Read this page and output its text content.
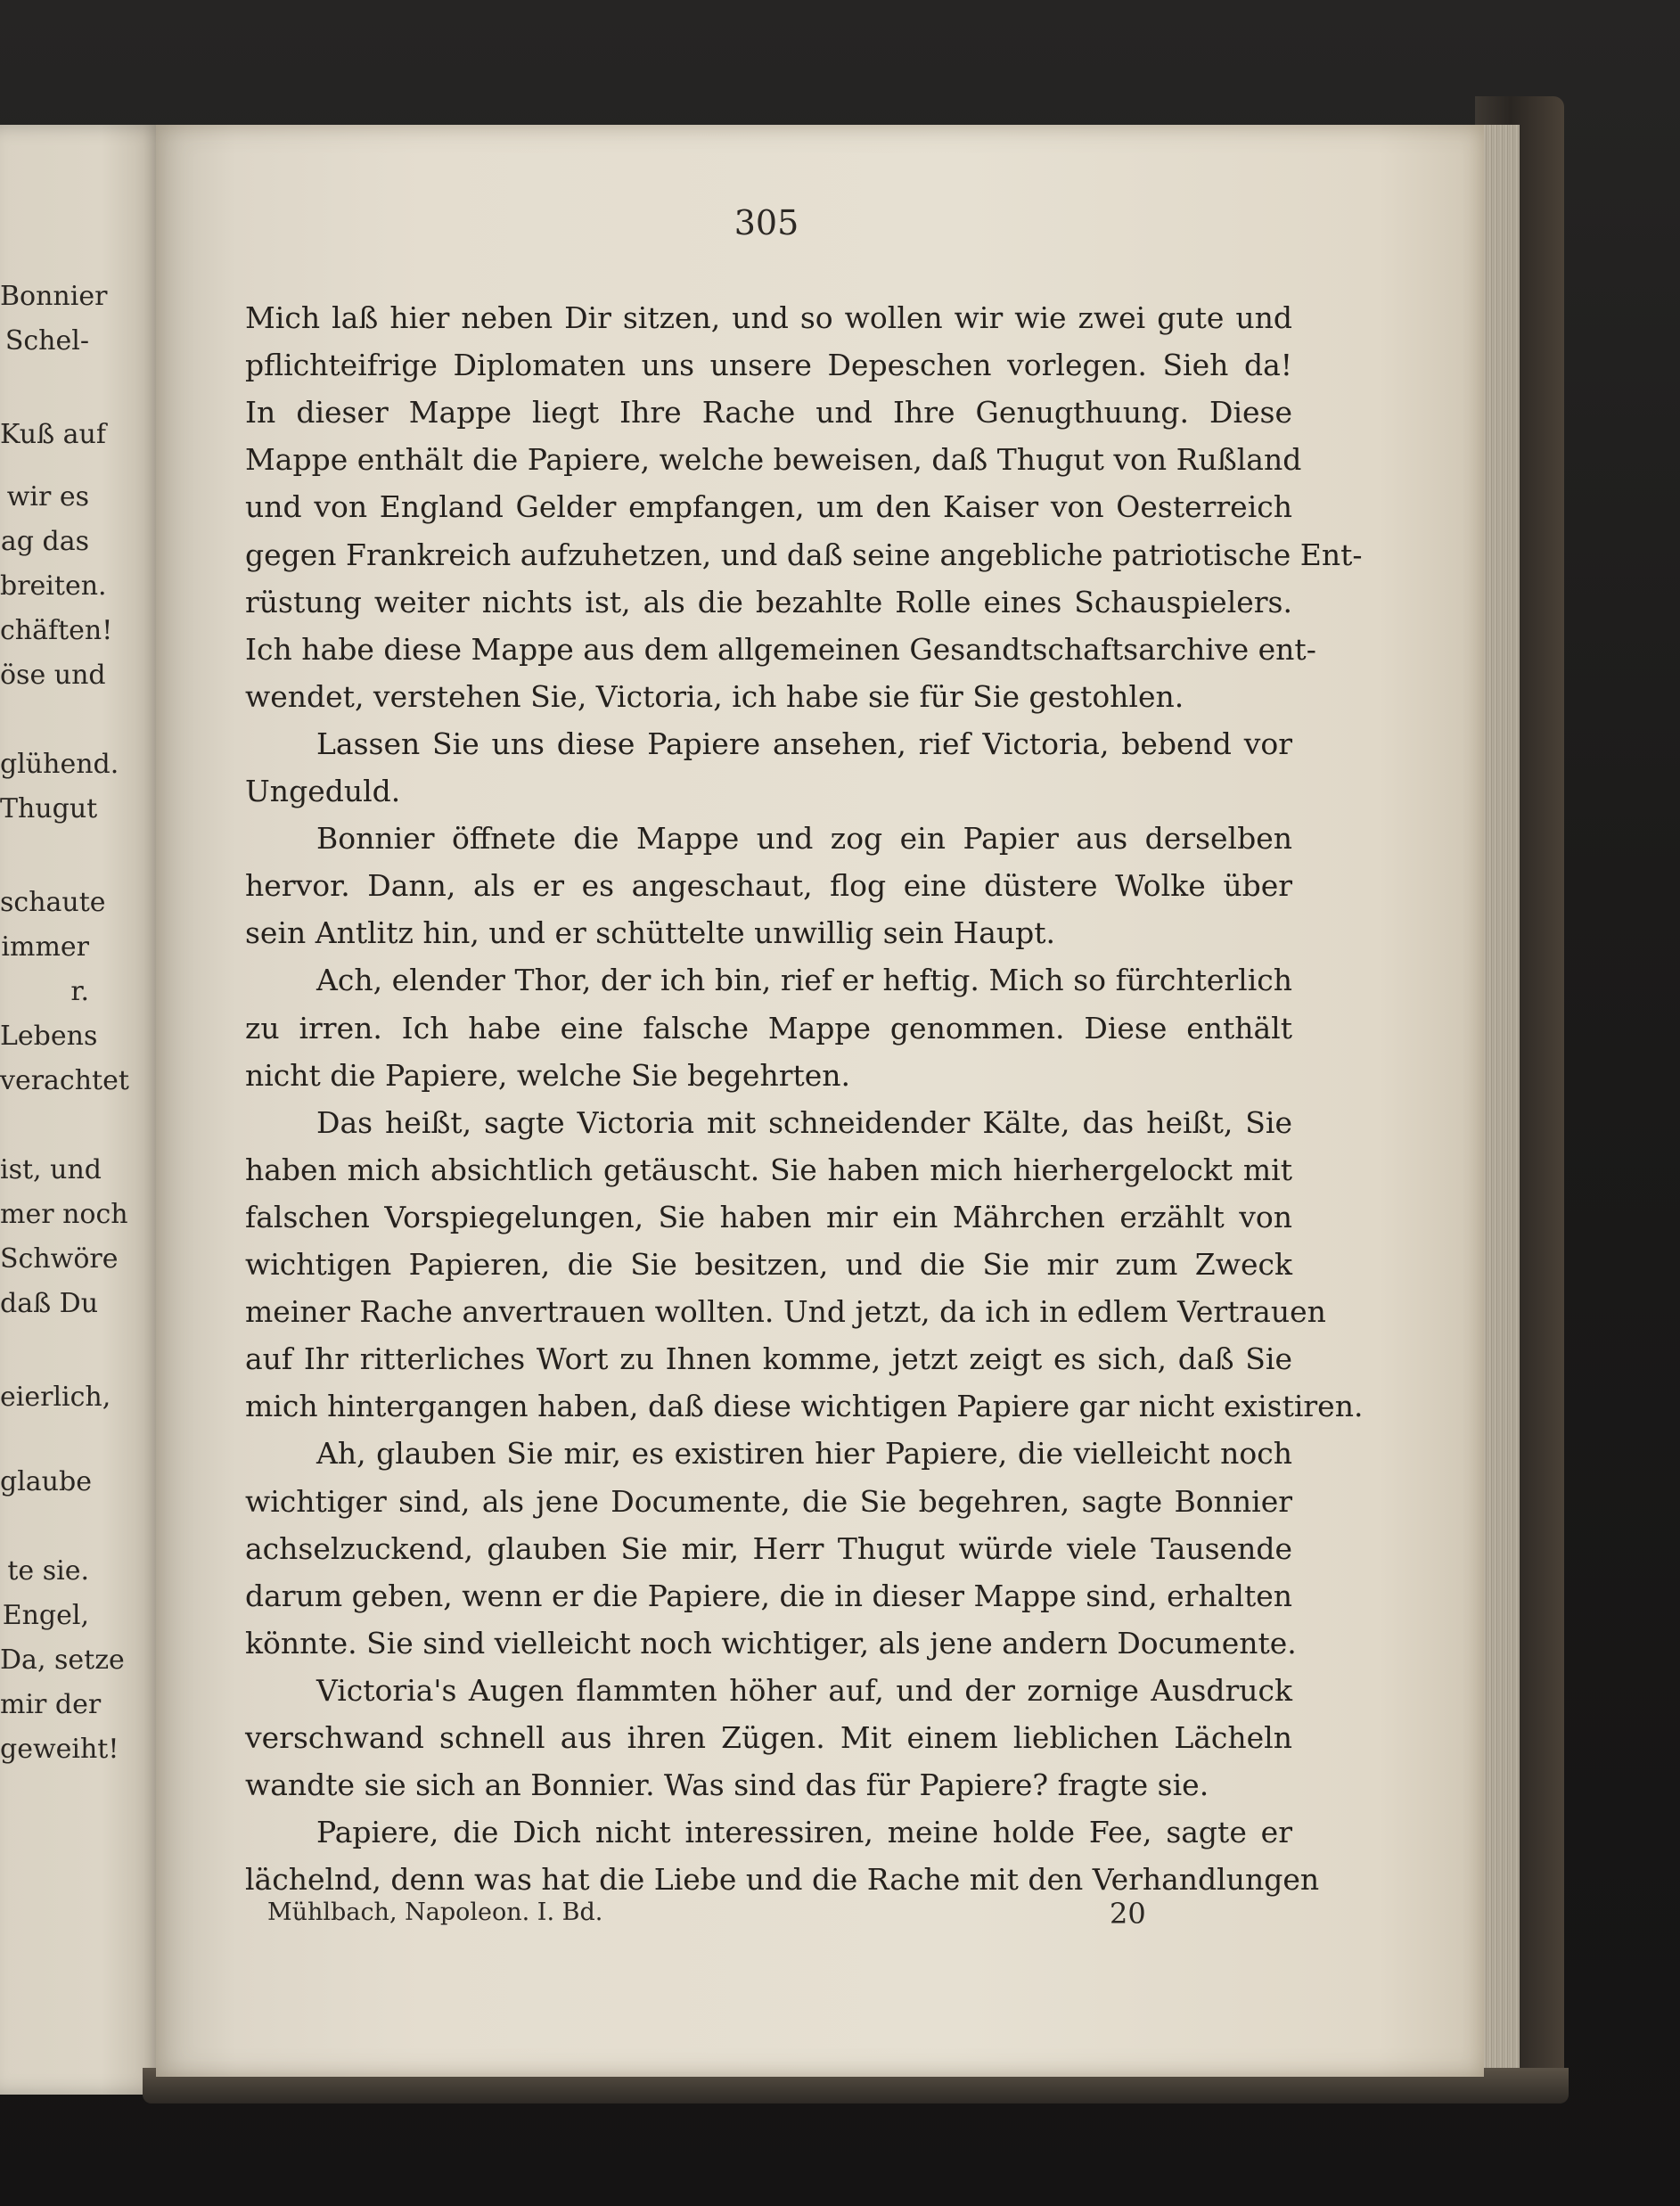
Bonnier
Schel-
Kuß auf
wir es
ag das
breiten.
chäften!
öse und
glühend.
Thugut
schaute
immer
r.
Lebens
verachtet
ist, und
mer noch
Schwöre
daß Du
eierlich,
glaube
te sie.
Engel,
Da, setze
mir der
geweiht!
305
Mich laß hier neben Dir sitzen, und so wollen wir wie zwei gute und
pflichteifrige Diplomaten uns unsere Depeschen vorlegen. Sieh da!
In dieser Mappe liegt Ihre Rache und Ihre Genugthuung. Diese
Mappe enthält die Papiere, welche beweisen, daß Thugut von Rußland
und von England Gelder empfangen, um den Kaiser von Oesterreich
gegen Frankreich aufzuhetzen, und daß seine angebliche patriotische Ent-
rüstung weiter nichts ist, als die bezahlte Rolle eines Schauspielers.
Ich habe diese Mappe aus dem allgemeinen Gesandtschaftsarchive ent-
wendet, verstehen Sie, Victoria, ich habe sie für Sie gestohlen.
Lassen Sie uns diese Papiere ansehen, rief Victoria, bebend vor
Ungeduld.
Bonnier öffnete die Mappe und zog ein Papier aus derselben
hervor. Dann, als er es angeschaut, flog eine düstere Wolke über
sein Antlitz hin, und er schüttelte unwillig sein Haupt.
Ach, elender Thor, der ich bin, rief er heftig. Mich so fürchterlich
zu irren. Ich habe eine falsche Mappe genommen. Diese enthält
nicht die Papiere, welche Sie begehrten.
Das heißt, sagte Victoria mit schneidender Kälte, das heißt, Sie
haben mich absichtlich getäuscht. Sie haben mich hierhergelockt mit
falschen Vorspiegelungen, Sie haben mir ein Mährchen erzählt von
wichtigen Papieren, die Sie besitzen, und die Sie mir zum Zweck
meiner Rache anvertrauen wollten. Und jetzt, da ich in edlem Vertrauen
auf Ihr ritterliches Wort zu Ihnen komme, jetzt zeigt es sich, daß Sie
mich hintergangen haben, daß diese wichtigen Papiere gar nicht existiren.
Ah, glauben Sie mir, es existiren hier Papiere, die vielleicht noch
wichtiger sind, als jene Documente, die Sie begehren, sagte Bonnier
achselzuckend, glauben Sie mir, Herr Thugut würde viele Tausende
darum geben, wenn er die Papiere, die in dieser Mappe sind, erhalten
könnte. Sie sind vielleicht noch wichtiger, als jene andern Documente.
Victoria's Augen flammten höher auf, und der zornige Ausdruck
verschwand schnell aus ihren Zügen. Mit einem lieblichen Lächeln
wandte sie sich an Bonnier. Was sind das für Papiere? fragte sie.
Papiere, die Dich nicht interessiren, meine holde Fee, sagte er
lächelnd, denn was hat die Liebe und die Rache mit den Verhandlungen
Mühlbach, Napoleon. I. Bd.	20
